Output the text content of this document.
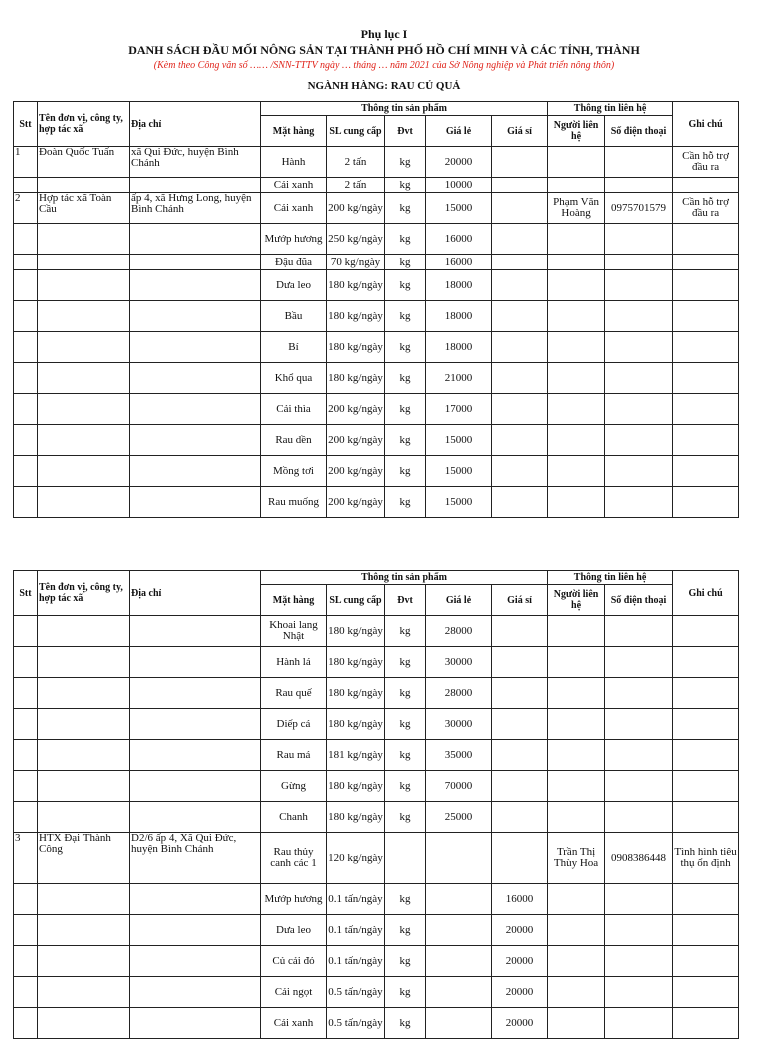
Phụ lục I
DANH SÁCH ĐẦU MỐI NÔNG SẢN TẠI THÀNH PHỐ HỒ CHÍ MINH VÀ CÁC TỈNH, THÀNH
(Kèm theo Công văn số …… /SNN-TTTV ngày … tháng … năm 2021 của Sở Nông nghiệp và Phát triển nông thôn)
NGÀNH HÀNG: RAU CỦ QUẢ
Stt	Tên đơn vị, công ty, hợp tác xã	Địa chỉ	Thông tin sản phẩm					Thông tin liên hệ		Ghi chú
			Mặt hàng	SL cung cấp	Đvt	Giá lẻ	Giá sỉ	Người liên hệ	Số điện thoại	
1	Đoàn Quốc Tuấn	xã Qui Đức, huyện Bình Chánh	Hành	2 tấn	kg	20000				Cần hỗ trợ đầu ra
			Cải xanh	2 tấn	kg	10000				
2	Hợp tác xã Toàn Cầu	ấp 4, xã Hưng Long, huyện Bình Chánh	Cải xanh	200 kg/ngày	kg	15000		Phạm Văn Hoàng	0975701579	Cần hỗ trợ đầu ra
			Mướp hương	250 kg/ngày	kg	16000				
			Đậu đũa	70 kg/ngày	kg	16000				
			Dưa leo	180 kg/ngày	kg	18000				
			Bầu	180 kg/ngày	kg	18000				
			Bí	180 kg/ngày	kg	18000				
			Khổ qua	180 kg/ngày	kg	21000				
			Cải thìa	200 kg/ngày	kg	17000				
			Rau dền	200 kg/ngày	kg	15000				
			Mồng tơi	200 kg/ngày	kg	15000				
			Rau muống	200 kg/ngày	kg	15000				
Stt	Tên đơn vị, công ty, hợp tác xã	Địa chỉ	Thông tin sản phẩm					Thông tin liên hệ		Ghi chú
			Mặt hàng	SL cung cấp	Đvt	Giá lẻ	Giá sỉ	Người liên hệ	Số điện thoại	
			Khoai lang Nhật	180 kg/ngày	kg	28000				
			Hành lá	180 kg/ngày	kg	30000				
			Rau quế	180 kg/ngày	kg	28000				
			Diếp cá	180 kg/ngày	kg	30000				
			Rau má	181 kg/ngày	kg	35000				
			Gừng	180 kg/ngày	kg	70000				
			Chanh	180 kg/ngày	kg	25000				
3	HTX Đại Thành Công	D2/6 ấp 4, Xã Qui Đức, huyện Bình Chánh	Rau thủy canh các 1	120 kg/ngày				Trần Thị Thùy Hoa	0908386448	Tình hình tiêu thụ ổn định
			Mướp hương	0.1 tấn/ngày	kg		16000			
			Dưa leo	0.1 tấn/ngày	kg		20000			
			Củ cải đỏ	0.1 tấn/ngày	kg		20000			
			Cải ngọt	0.5 tấn/ngày	kg		20000			
			Cải xanh	0.5 tấn/ngày	kg		20000			
